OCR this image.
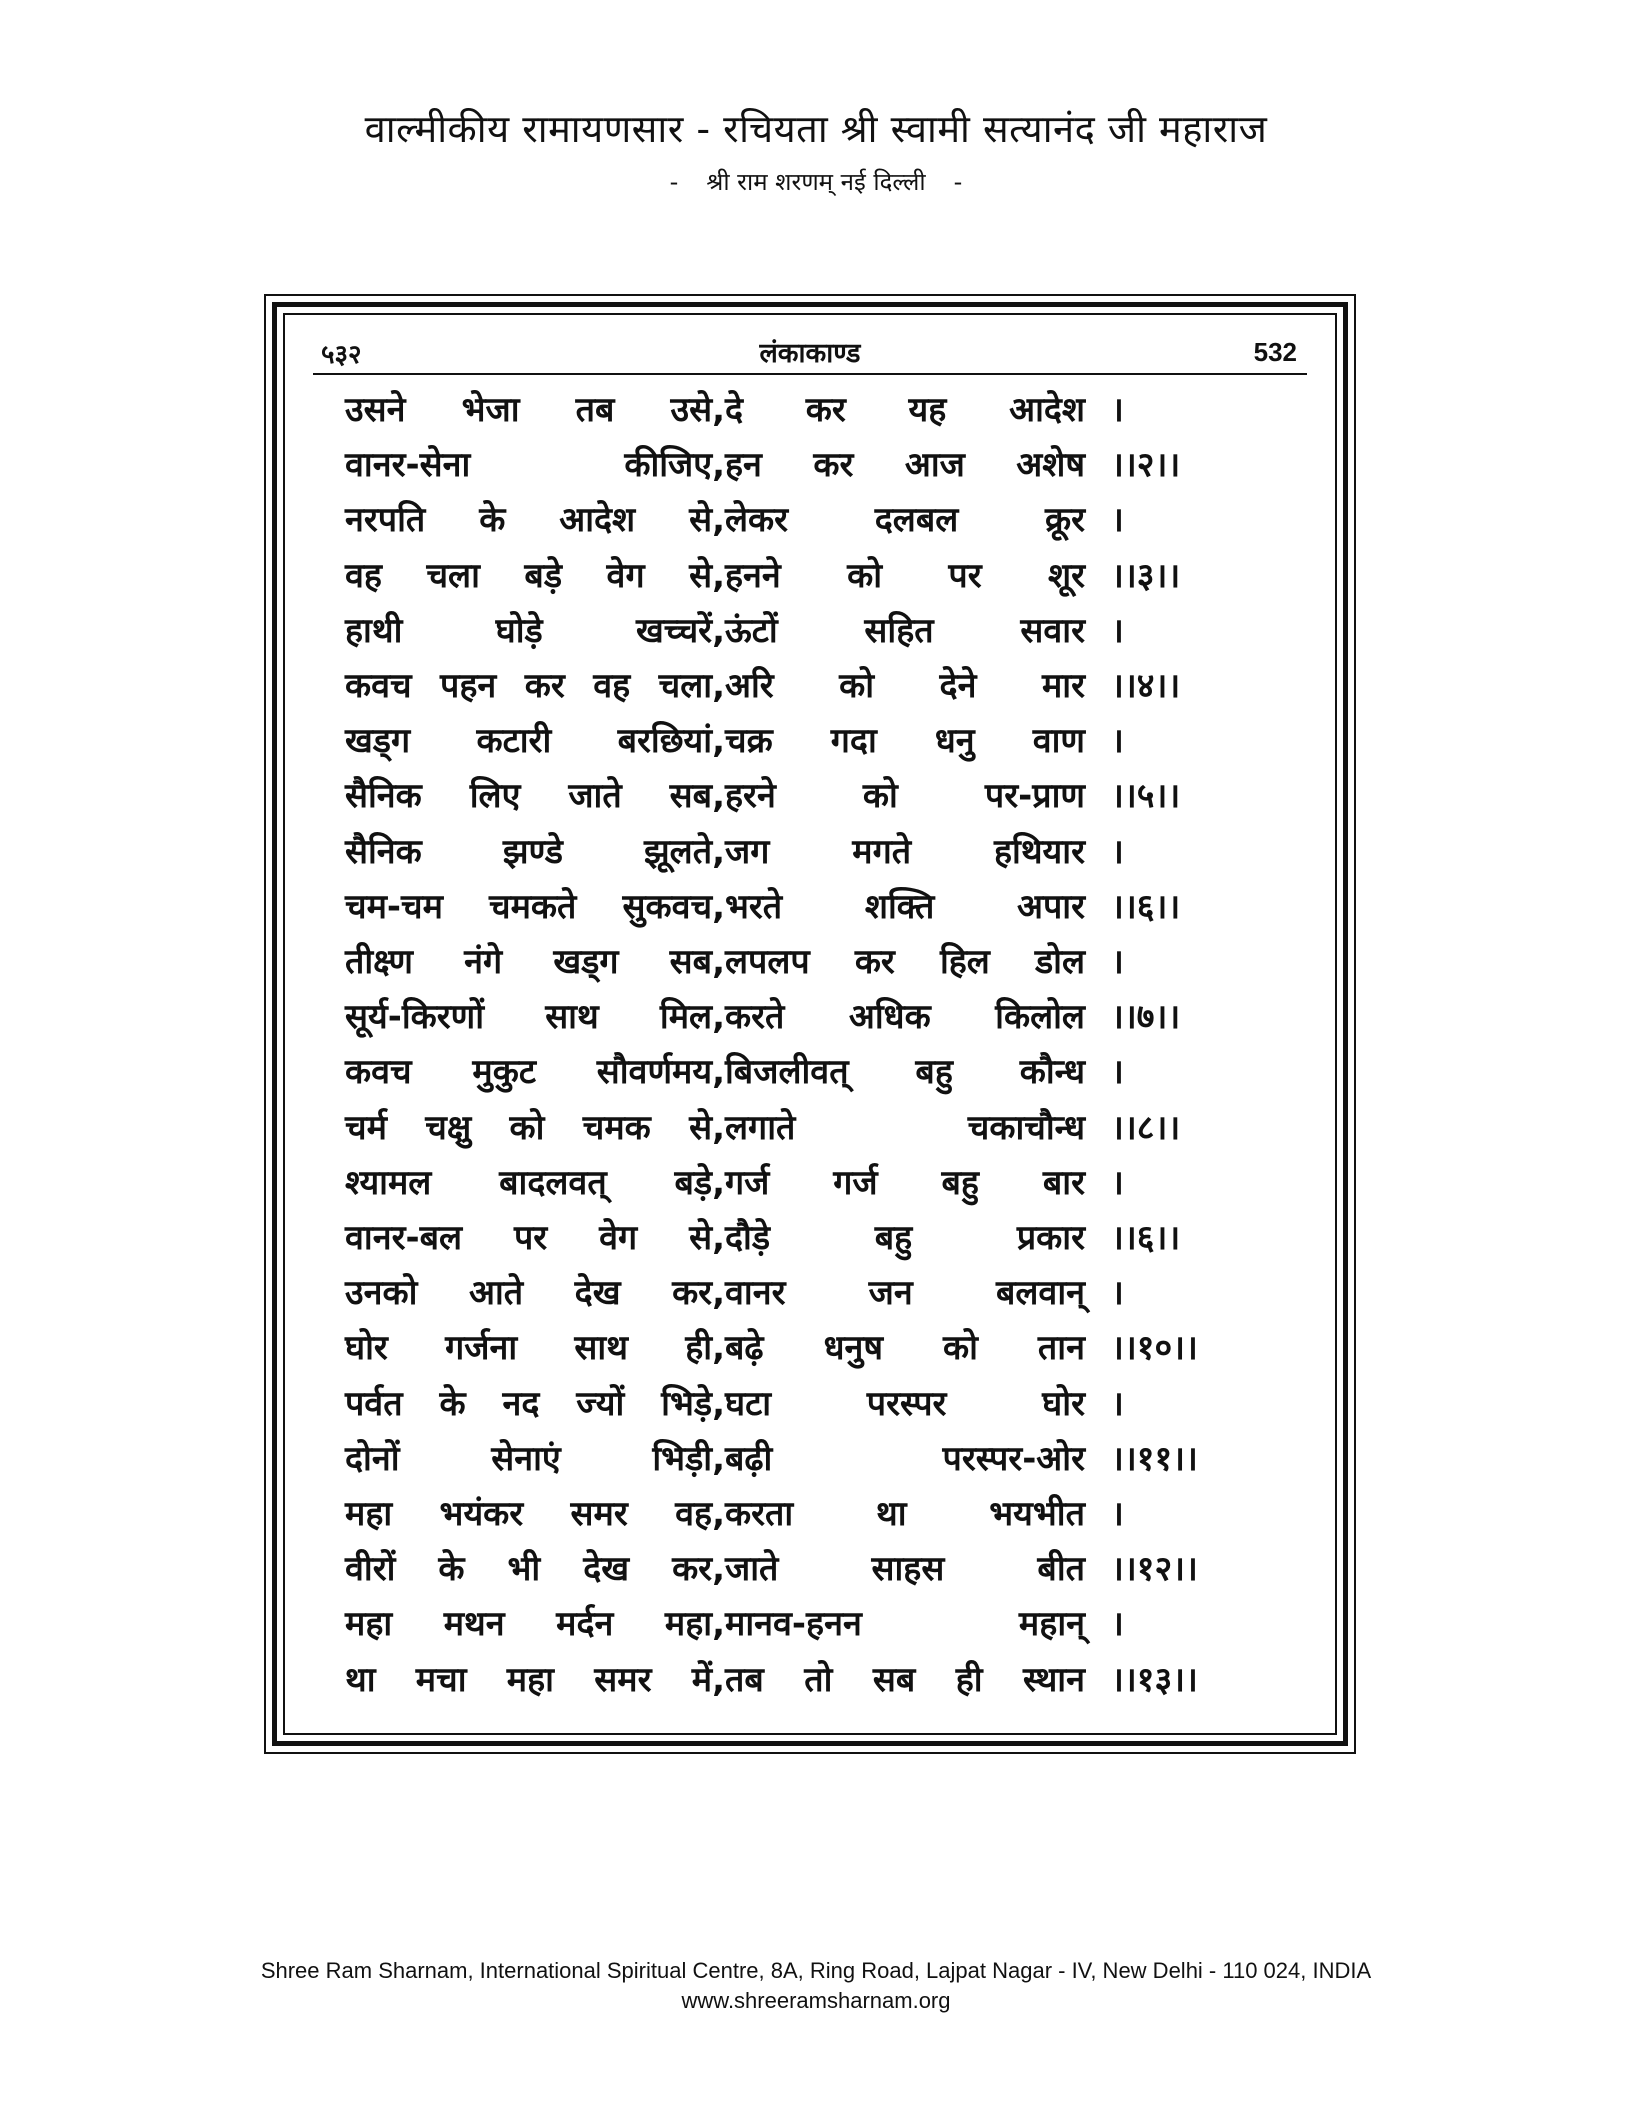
वाल्मीकीय रामायणसार - रचियता श्री स्वामी सत्यानंद जी महाराज
- श्री राम शरणम् नई दिल्ली -
५३२	लंकाकाण्ड	532
उसने भेजा तब उसे, दे कर यह आदेश ।
वानर-सेना कीजिए, हन कर आज अशेष ।।२।।
नरपति के आदेश से, लेकर दलबल क्रूर ।
वह चला बड़े वेग से, हनने को पर शूर ।।३।।
हाथी घोड़े खच्चरें, ऊंटों सहित सवार ।
कवच पहन कर वह चला, अरि को देने मार ।।४।।
खड्ग कटारी बरछियां, चक्र गदा धनु वाण ।
सैनिक लिए जाते सब, हरने को पर-प्राण ।।५।।
सैनिक झण्डे झूलते, जग मगते हथियार ।
चम-चम चमकते सुकवच, भरते शक्ति अपार ।।६।।
तीक्ष्ण नंगे खड्ग सब, लपलप कर हिल डोल ।
सूर्य-किरणों साथ मिल, करते अधिक किलोल ।।७।।
कवच मुकुट सौवर्णमय, बिजलीवत् बहु कौन्ध ।
चर्म चक्षु को चमक से, लगाते चकाचौन्ध ।।८।।
श्यामल बादलवत् बड़े, गर्ज गर्ज बहु बार ।
वानर-बल पर वेग से, दौड़े बहु प्रकार ।।६।।
उनको आते देख कर, वानर जन बलवान् ।
घोर गर्जना साथ ही, बढ़े धनुष को तान ।।१०।।
पर्वत के नद ज्यों भिड़े, घटा परस्पर घोर ।
दोनों सेनाएं भिड़ी, बढ़ी परस्पर-ओर ।।११।।
महा भयंकर समर वह, करता था भयभीत ।
वीरों के भी देख कर, जाते साहस बीत ।।१२।।
महा मथन मर्दन महा, मानव-हनन महान् ।
था मचा महा समर में, तब तो सब ही स्थान ।।१३।।
Shree Ram Sharnam, International Spiritual Centre, 8A, Ring Road, Lajpat Nagar - IV, New Delhi - 110 024, INDIA
www.shreeramsharnam.org
